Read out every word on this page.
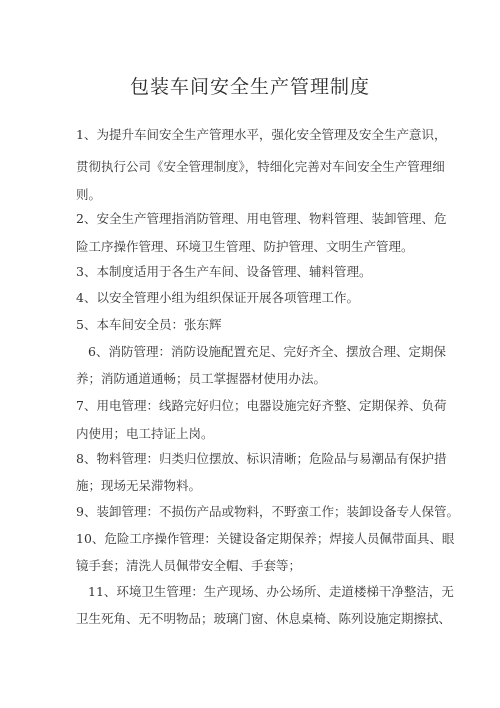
包装车间安全生产管理制度
1、为提升车间安全生产管理水平，强化安全管理及安全生产意识，
贯彻执行公司《安全管理制度》，特细化完善对车间安全生产管理细
则。
2、安全生产管理指消防管理、用电管理、物料管理、装卸管理、危
险工序操作管理、环境卫生管理、防护管理、文明生产管理。
3、本制度适用于各生产车间、设备管理、辅料管理。
4、以安全管理小组为组织保证开展各项管理工作。
5、本车间安全员：张东辉
6、消防管理：消防设施配置充足、完好齐全、摆放合理、定期保
养；消防通道通畅；员工掌握器材使用办法。
7、用电管理：线路完好归位；电器设施完好齐整、定期保养、负荷
内使用；电工持证上岗。
8、物料管理：归类归位摆放、标识清晰；危险品与易潮品有保护措
施；现场无呆滞物料。
9、装卸管理：不损伤产品或物料，不野蛮工作；装卸设备专人保管。
10、危险工序操作管理：关键设备定期保养；焊接人员佩带面具、眼
镜手套；清洗人员佩带安全帽、手套等；
11、环境卫生管理：生产现场、办公场所、走道楼梯干净整洁，无
卫生死角、无不明物品；玻璃门窗、休息桌椅、陈列设施定期擦拭、
